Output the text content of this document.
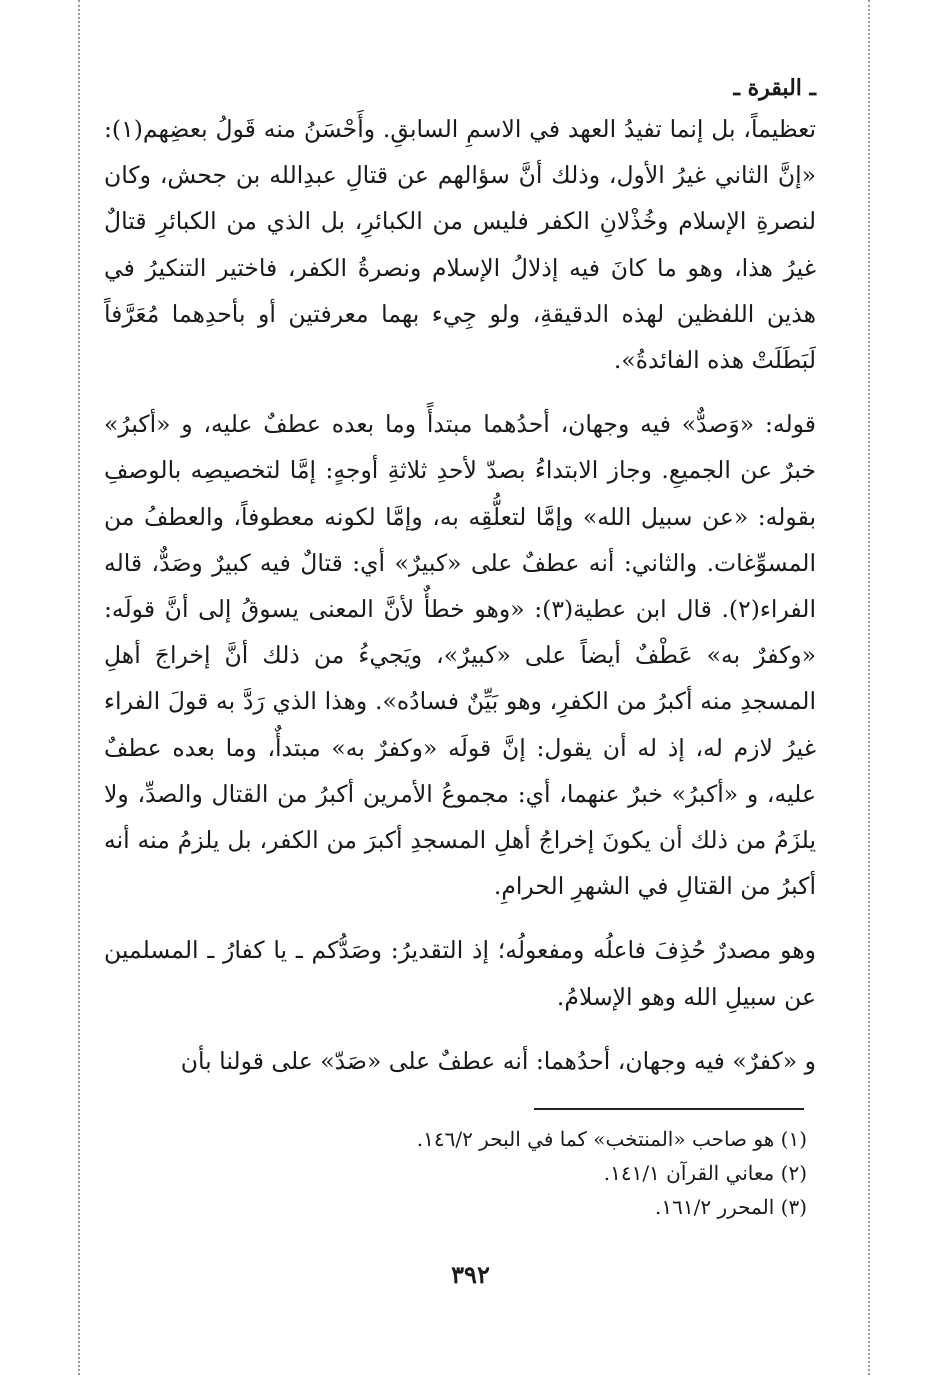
ـ البقرة ـ

تعظيماً، بل إنما تفيدُ العهد في الاسمِ السابقِ. وأَحْسَنُ منه قَولُ بعضِهم(١): «إنَّ الثاني غيرُ الأول، وذلك أنَّ سؤالهم عن قتالِ عبدِالله بن جحش، وكان لنصرةِ الإسلام وخُذْلانِ الكفر فليس من الكبائرِ، بل الذي من الكبائرِ قتالٌ غيرُ هذا، وهو ما كانَ فيه إذلالُ الإسلام ونصرةُ الكفر، فاختير التنكيرُ في هذين اللفظين لهذه الدقيقةِ، ولو جِيء بهما معرفتين أو بأحدِهما مُعَرَّفاً لَبَطَلَتْ هذه الفائدةُ».

قوله: «وَصدٌّ» فيه وجهان، أحدُهما مبتدأً وما بعده عطفٌ عليه، و «أكبرُ» خبرٌ عن الجميعِ. وجاز الابتداءُ بصدّ لأحدِ ثلاثةِ أوجهٍ: إمَّا لتخصيصِه بالوصفِ بقوله: «عن سبيل الله» وإمَّا لتعلُّقِه به، وإمَّا لكونه معطوفاً، والعطفُ من المسوِّغات. والثاني: أنه عطفٌ على «كبيرٌ» أي: قتالٌ فيه كبيرٌ وصَدٌّ، قاله الفراء(٢). قال ابن عطية(٣): «وهو خطأٌ لأنَّ المعنى يسوقُ إلى أنَّ قولَه: «وكفرٌ به» عَطْفٌ أيضاً على «كبيرٌ»، ويَجيءُ من ذلك أنَّ إخراجَ أهلِ المسجدِ منه أكبرُ من الكفرِ، وهو بَيِّنٌ فسادُه». وهذا الذي رَدَّ به قولَ الفراء غيرُ لازم له، إذ له أن يقول: إنَّ قولَه «وكفرٌ به» مبتدأٌ، وما بعده عطفٌ عليه، و «أكبرُ» خبرٌ عنهما، أي: مجموعُ الأمرين أكبرُ من القتال والصدِّ، ولا يلزَمُ من ذلك أن يكونَ إخراجُ أهلِ المسجدِ أكبرَ من الكفر، بل يلزمُ منه أنه أكبرُ من القتالِ في الشهرِ الحرامِ.

وهو مصدرٌ حُذِفَ فاعلُه ومفعولُه؛ إذ التقديرُ: وصَدُّكم ـ يا كفارُ ـ المسلمين عن سبيلِ الله وهو الإسلامُ.

و «كفرٌ» فيه وجهان، أحدُهما: أنه عطفٌ على «صَدّ» على قولنا بأن

(١) هو صاحب «المنتخب» كما في البحر ١٤٦/٢.

(٢) معاني القرآن ١٤١/١.

(٣) المحرر ١٦١/٢.

٣٩٢
